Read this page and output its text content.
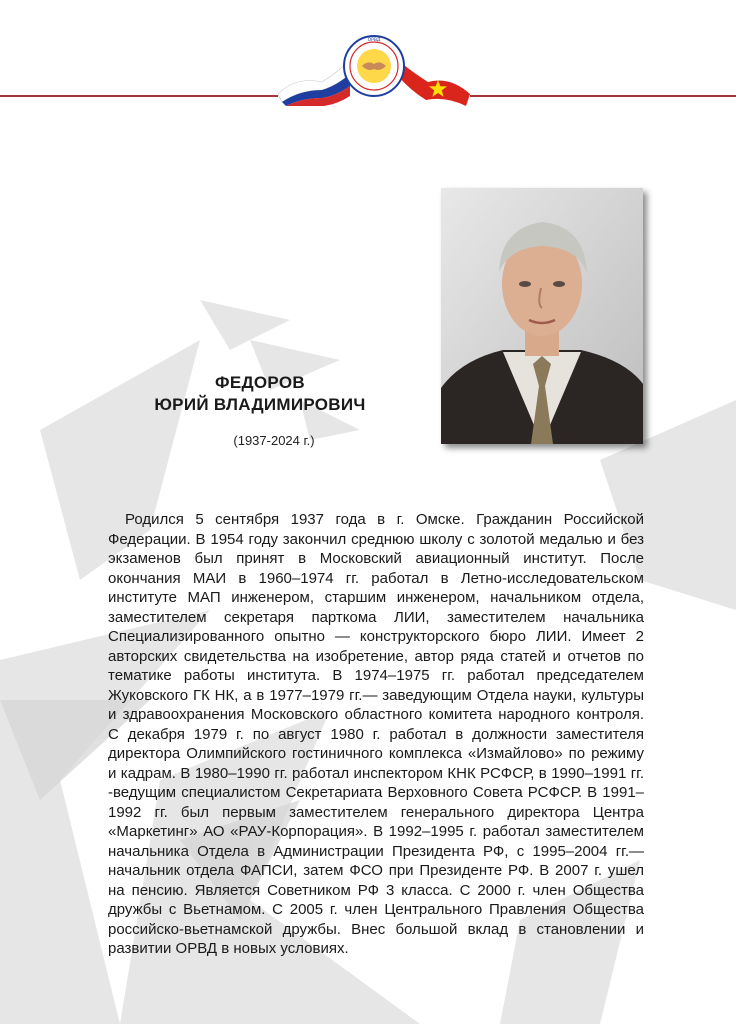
ОРВД
ФЕДОРОВ
ЮРИЙ ВЛАДИМИРОВИЧ
(1937-2024 г.)

Родился 5 сентября 1937 года в г. Омске. Гражданин Российской Федерации. В 1954 году закончил среднюю школу с золотой медалью и без экзаменов был принят в Московский авиационный институт. После окончания МАИ в 1960–1974 гг. работал в Летно-исследовательском институте МАП инженером, старшим инженером, начальником отдела, заместителем секретаря парткома ЛИИ, заместителем начальника Специализированного опытно — конструкторского бюро ЛИИ. Имеет 2 авторских свидетельства на изобретение, автор ряда статей и отчетов по тематике работы института. В 1974–1975 гг. работал председателем Жуковского ГК НК, а в 1977–1979 гг.— заведующим Отдела науки, культуры и здравоохранения Московского областного комитета народного контроля. С декабря 1979 г. по август 1980 г. работал в должности заместителя директора Олимпийского гостиничного комплекса «Измайлово» по режиму и кадрам. В 1980–1990 гг. работал инспектором КНК РСФСР, в 1990–1991 гг. -ведущим специалистом Секретариата Верховного Совета РСФСР. В 1991–1992 гг. был первым заместителем генерального директора Центра «Маркетинг» АО «РАУ-Корпорация». В 1992–1995 г. работал заместителем начальника Отдела в Администрации Президента РФ, с 1995–2004 гг.— начальник отдела ФАПСИ, затем ФСО при Президенте РФ. В 2007 г. ушел на пенсию. Является Советником РФ 3 класса. С 2000 г. член Общества дружбы с Вьетнамом. С 2005 г. член Центрального Правления Общества российско-вьетнамской дружбы. Внес большой вклад в становлении и развитии ОРВД в новых условиях.
